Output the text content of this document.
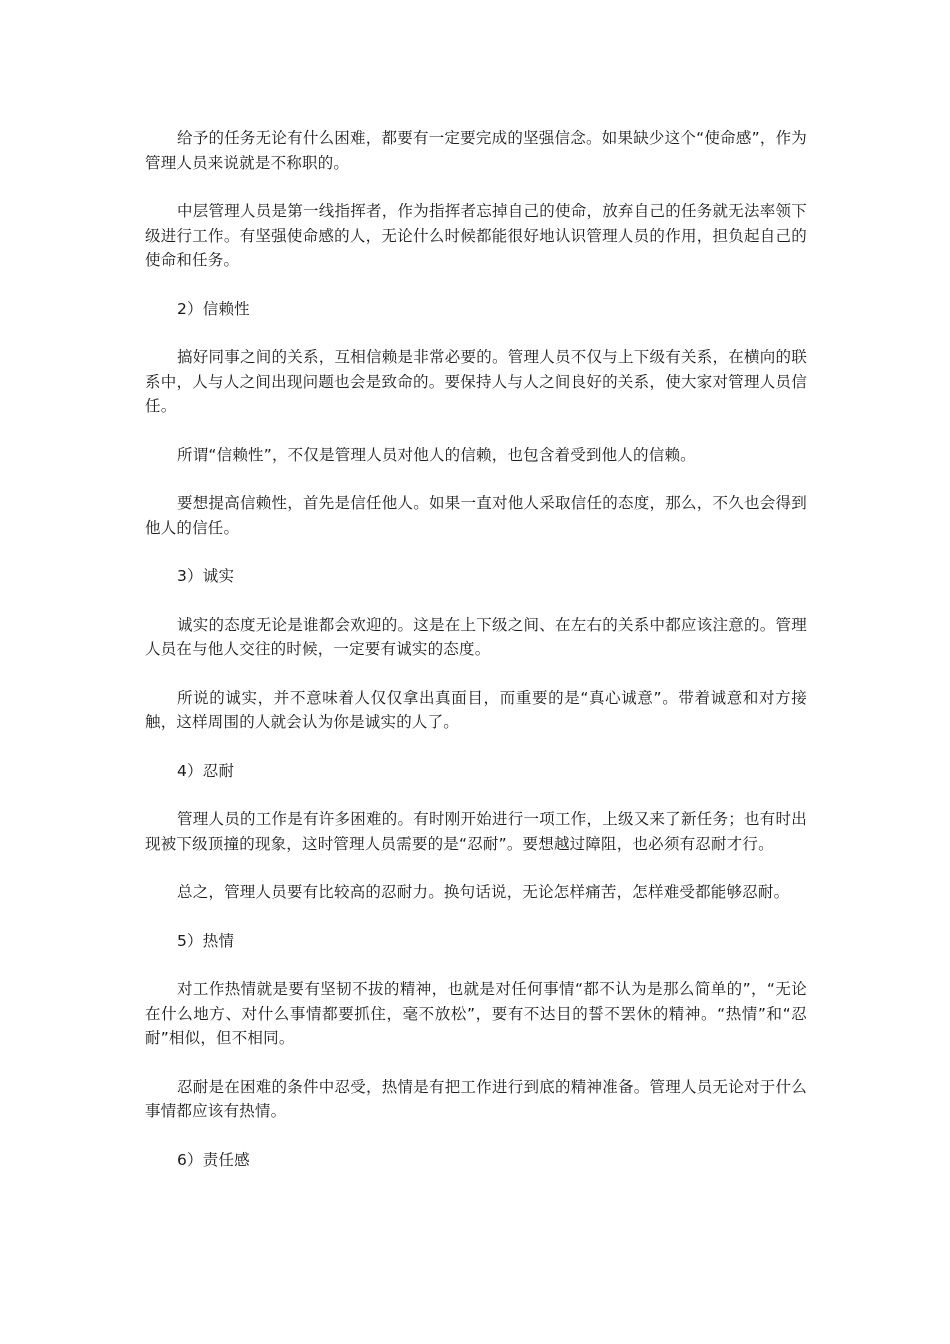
给予的任务无论有什么困难，都要有一定要完成的坚强信念。如果缺少这个“使命感”，作为管理人员来说就是不称职的。

中层管理人员是第一线指挥者，作为指挥者忘掉自己的使命，放弃自己的任务就无法率领下级进行工作。有坚强使命感的人，无论什么时候都能很好地认识管理人员的作用，担负起自己的使命和任务。

2）信赖性

搞好同事之间的关系，互相信赖是非常必要的。管理人员不仅与上下级有关系，在横向的联系中，人与人之间出现问题也会是致命的。要保持人与人之间良好的关系，使大家对管理人员信任。

所谓“信赖性”，不仅是管理人员对他人的信赖，也包含着受到他人的信赖。

要想提高信赖性，首先是信任他人。如果一直对他人采取信任的态度，那么，不久也会得到他人的信任。

3）诚实

诚实的态度无论是谁都会欢迎的。这是在上下级之间、在左右的关系中都应该注意的。管理人员在与他人交往的时候，一定要有诚实的态度。

所说的诚实，并不意味着人仅仅拿出真面目，而重要的是“真心诚意”。带着诚意和对方接触，这样周围的人就会认为你是诚实的人了。

4）忍耐

管理人员的工作是有许多困难的。有时刚开始进行一项工作，上级又来了新任务；也有时出现被下级顶撞的现象，这时管理人员需要的是“忍耐”。要想越过障阻，也必须有忍耐才行。

总之，管理人员要有比较高的忍耐力。换句话说，无论怎样痛苦，怎样难受都能够忍耐。

5）热情

对工作热情就是要有坚韧不拔的精神，也就是对任何事情“都不认为是那么简单的”，“无论在什么地方、对什么事情都要抓住，毫不放松”，要有不达目的誓不罢休的精神。“热情”和“忍耐”相似，但不相同。

忍耐是在困难的条件中忍受，热情是有把工作进行到底的精神准备。管理人员无论对于什么事情都应该有热情。

6）责任感
